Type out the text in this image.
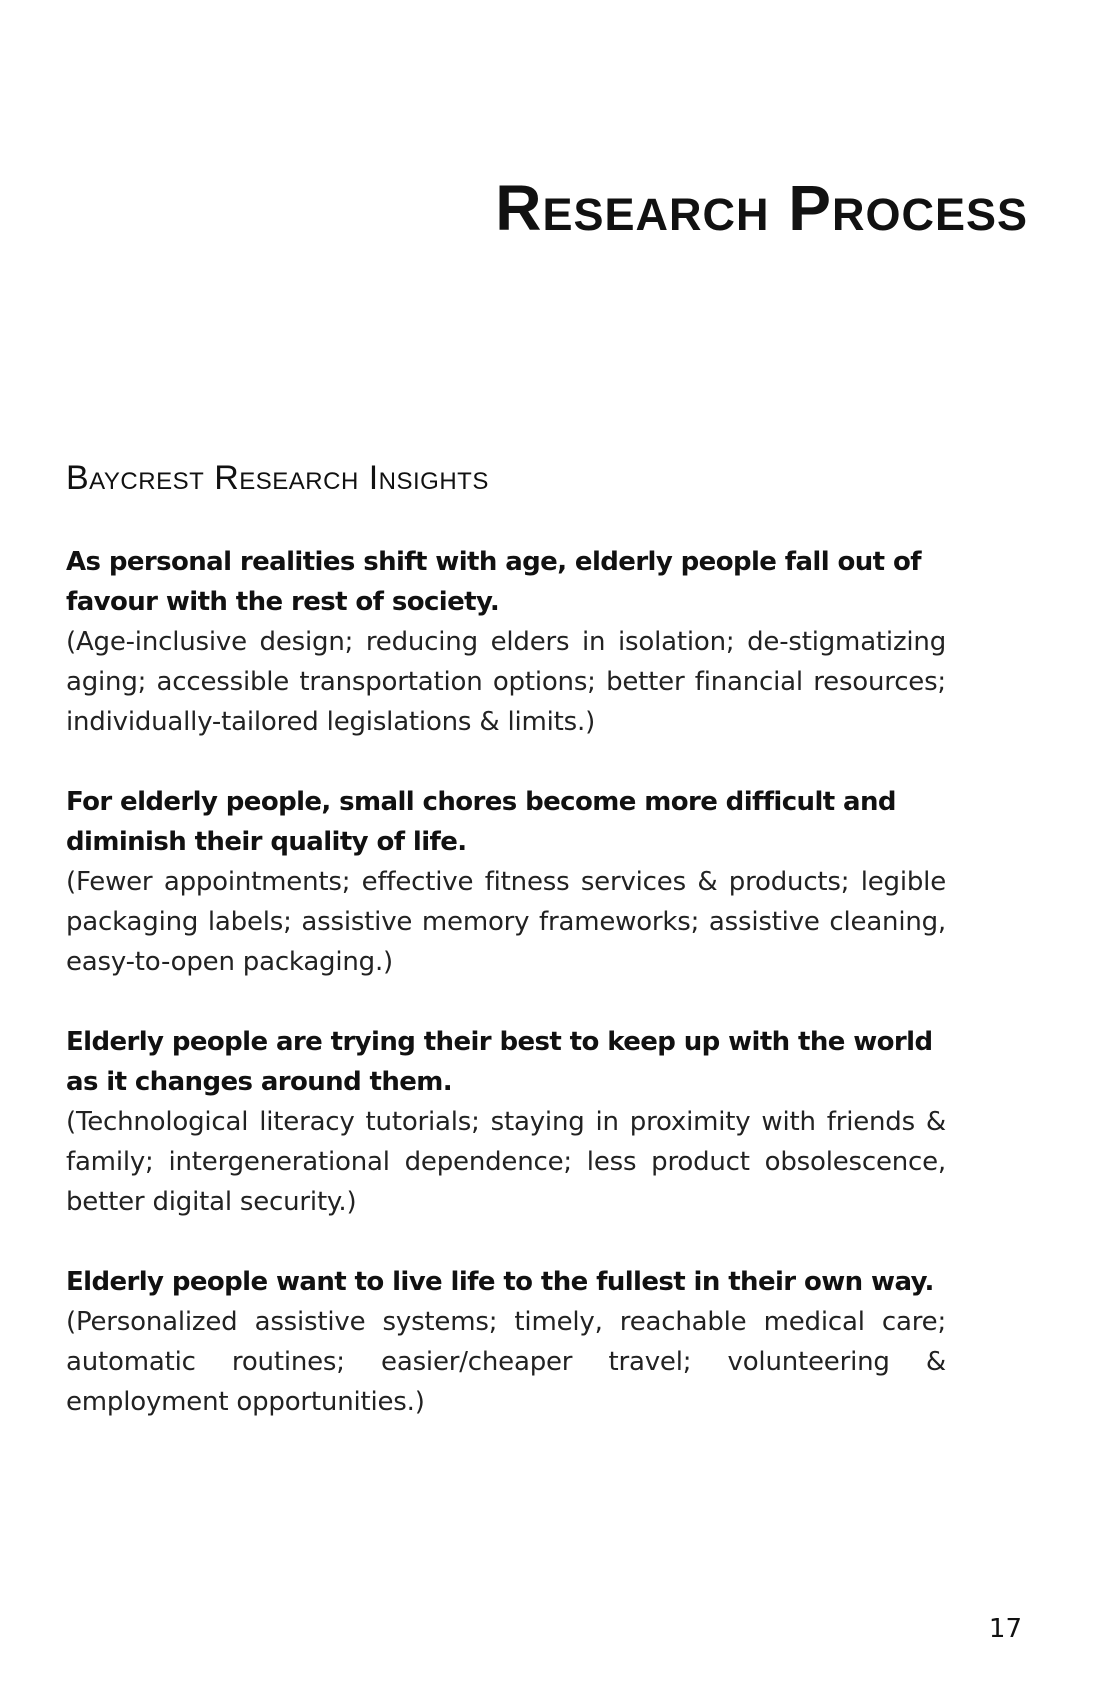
Research Process
Baycrest Research Insights

As personal realities shift with age, elderly people fall out of favour with the rest of society.

(Age-inclusive design; reducing elders in isolation; de-stigmatizing aging; accessible transportation options; better financial resources; individually-tailored legislations & limits.)

For elderly people, small chores become more difficult and diminish their quality of life.

(Fewer appointments; effective fitness services & products; legible packaging labels; assistive memory frameworks; assistive cleaning, easy-to-open packaging.)

Elderly people are trying their best to keep up with the world as it changes around them.

(Technological literacy tutorials; staying in proximity with friends & family; intergenerational dependence; less product obsolescence, better digital security.)

Elderly people want to live life to the fullest in their own way.

(Personalized assistive systems; timely, reachable medical care; automatic routines; easier/cheaper travel; volunteering & employment opportunities.)

17
